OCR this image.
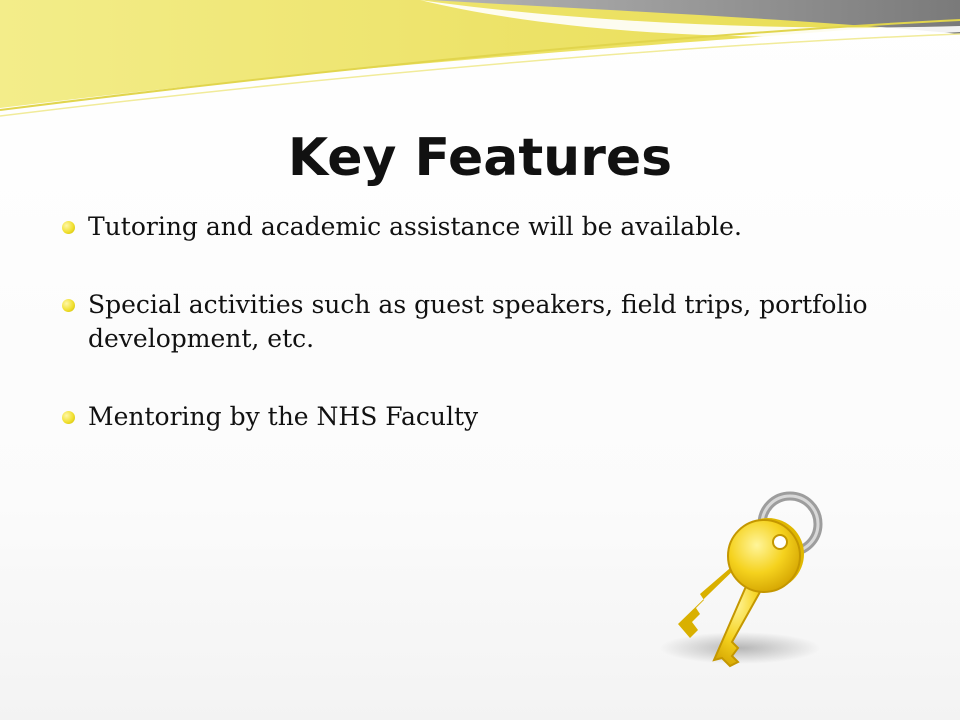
Key Features
Tutoring and academic assistance will be available.
Special activities such as guest speakers, field trips, portfolio development, etc.
Mentoring by the NHS Faculty
